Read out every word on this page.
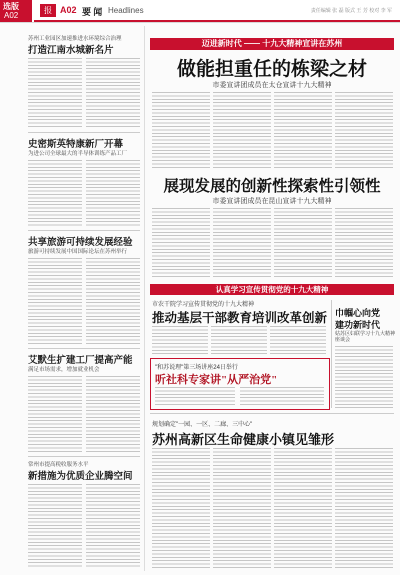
选版
A02
报 A02 要 闻 Headlines	责任编辑 张 磊 版式 王 芳 校对 李 军
苏州工业园区加速推进水环境综合治理
打造江南水城新名片
史密斯英特康新厂开幕
为进公司全球最大的半导体训练产品工厂
共享旅游可持续发展经验
旅游可持续发展中国国际论坛在苏州举行
艾默生扩建工厂提高产能
满足市场需求，增加就业机会
常州市提高税收服务水平
新措施为优质企业腾空间
迈进新时代 —— 十九大精神宣讲在苏州
做能担重任的栋梁之材
市委宣讲团成员在太仓宣讲十九大精神
展现发展的创新性探索性引领性
市委宣讲团成员在昆山宣讲十九大精神
认真学习宣传贯彻党的十九大精神
市农干院学习宣传贯彻党的十九大精神
推动基层干部教育培训改革创新
"和苏说理"第三场讲座24日举行
听社科专家讲"从严治党"
巾帼心向党
建功新时代
姑苏区妇联学习十九大精神座谈会
规划确定"一园、一区、二廊、三中心"
苏州高新区生命健康小镇见雏形
